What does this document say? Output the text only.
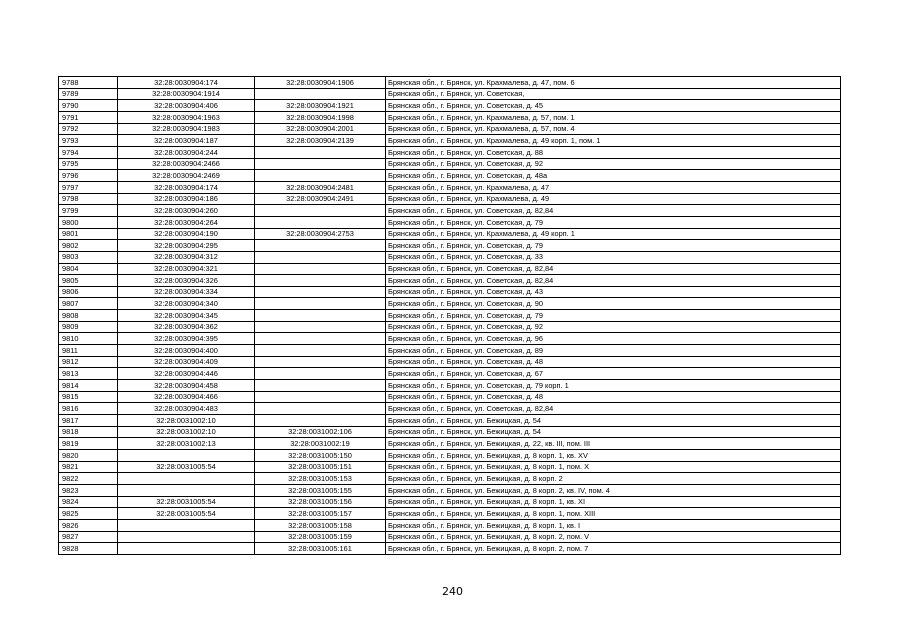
9788	32:28:0030904:174	32:28:0030904:1906	Брянская обл., г. Брянск, ул. Крахмалева, д. 47, пом. 6
9789	32:28:0030904:1914		Брянская обл., г. Брянск, ул. Советская,
9790	32:28:0030904:406	32:28:0030904:1921	Брянская обл., г. Брянск, ул. Советская, д. 45
9791	32:28:0030904:1963	32:28:0030904:1998	Брянская обл., г. Брянск, ул. Крахмалева, д. 57, пом. 1
9792	32:28:0030904:1983	32:28:0030904:2001	Брянская обл., г. Брянск, ул. Крахмалева, д. 57, пом. 4
9793	32:28:0030904:187	32:28:0030904:2139	Брянская обл., г. Брянск, ул. Крахмалева, д. 49 корп. 1, пом. 1
9794	32:28:0030904:244		Брянская обл., г. Брянск, ул. Советская, д. 88
9795	32:28:0030904:2466		Брянская обл., г. Брянск, ул. Советская, д. 92
9796	32:28:0030904:2469		Брянская обл., г. Брянск, ул. Советская, д. 48а
9797	32:28:0030904:174	32:28:0030904:2481	Брянская обл., г. Брянск, ул. Крахмалева, д. 47
9798	32:28:0030904:186	32:28:0030904:2491	Брянская обл., г. Брянск, ул. Крахмалева, д. 49
9799	32:28:0030904:260		Брянская обл., г. Брянск, ул. Советская, д. 82,84
9800	32:28:0030904:264		Брянская обл., г. Брянск, ул. Советская, д. 79
9801	32:28:0030904:190	32:28:0030904:2753	Брянская обл., г. Брянск, ул. Крахмалева, д. 49 корп. 1
9802	32:28:0030904:295		Брянская обл., г. Брянск, ул. Советская, д. 79
9803	32:28:0030904:312		Брянская обл., г. Брянск, ул. Советская, д. 33
9804	32:28:0030904:321		Брянская обл., г. Брянск, ул. Советская, д. 82,84
9805	32:28:0030904:326		Брянская обл., г. Брянск, ул. Советская, д. 82,84
9806	32:28:0030904:334		Брянская обл., г. Брянск, ул. Советская, д. 43
9807	32:28:0030904:340		Брянская обл., г. Брянск, ул. Советская, д. 90
9808	32:28:0030904:345		Брянская обл., г. Брянск, ул. Советская, д. 79
9809	32:28:0030904:362		Брянская обл., г. Брянск, ул. Советская, д. 92
9810	32:28:0030904:395		Брянская обл., г. Брянск, ул. Советская, д. 96
9811	32:28:0030904:400		Брянская обл., г. Брянск, ул. Советская, д. 89
9812	32:28:0030904:409		Брянская обл., г. Брянск, ул. Советская, д. 48
9813	32:28:0030904:446		Брянская обл., г. Брянск, ул. Советская, д. 67
9814	32:28:0030904:458		Брянская обл., г. Брянск, ул. Советская, д. 79 корп. 1
9815	32:28:0030904:466		Брянская обл., г. Брянск, ул. Советская, д. 48
9816	32:28:0030904:483		Брянская обл., г. Брянск, ул. Советская, д. 82,84
9817	32:28:0031002:10		Брянская обл., г. Брянск, ул. Бежицкая, д. 54
9818	32:28:0031002:10	32:28:0031002:106	Брянская обл., г. Брянск, ул. Бежицкая, д. 54
9819	32:28:0031002:13	32:28:0031002:19	Брянская обл., г. Брянск, ул. Бежицкая, д. 22, кв. III, пом. III
9820		32:28:0031005:150	Брянская обл., г. Брянск, ул. Бежицкая, д. 8 корп. 1, кв. XV
9821	32:28:0031005:54	32:28:0031005:151	Брянская обл., г. Брянск, ул. Бежицкая, д. 8 корп. 1, пом. X
9822		32:28:0031005:153	Брянская обл., г. Брянск, ул. Бежицкая, д. 8 корп. 2
9823		32:28:0031005:155	Брянская обл., г. Брянск, ул. Бежицкая, д. 8 корп. 2, кв. IV, пом. 4
9824	32:28:0031005:54	32:28:0031005:156	Брянская обл., г. Брянск, ул. Бежицкая, д. 8 корп. 1, кв. XI
9825	32:28:0031005:54	32:28:0031005:157	Брянская обл., г. Брянск, ул. Бежицкая, д. 8 корп. 1, пом. XIII
9826		32:28:0031005:158	Брянская обл., г. Брянск, ул. Бежицкая, д. 8 корп. 1, кв. I
9827		32:28:0031005:159	Брянская обл., г. Брянск, ул. Бежицкая, д. 8 корп. 2, пом. V
9828		32:28:0031005:161	Брянская обл., г. Брянск, ул. Бежицкая, д. 8 корп. 2, пом. 7
240
